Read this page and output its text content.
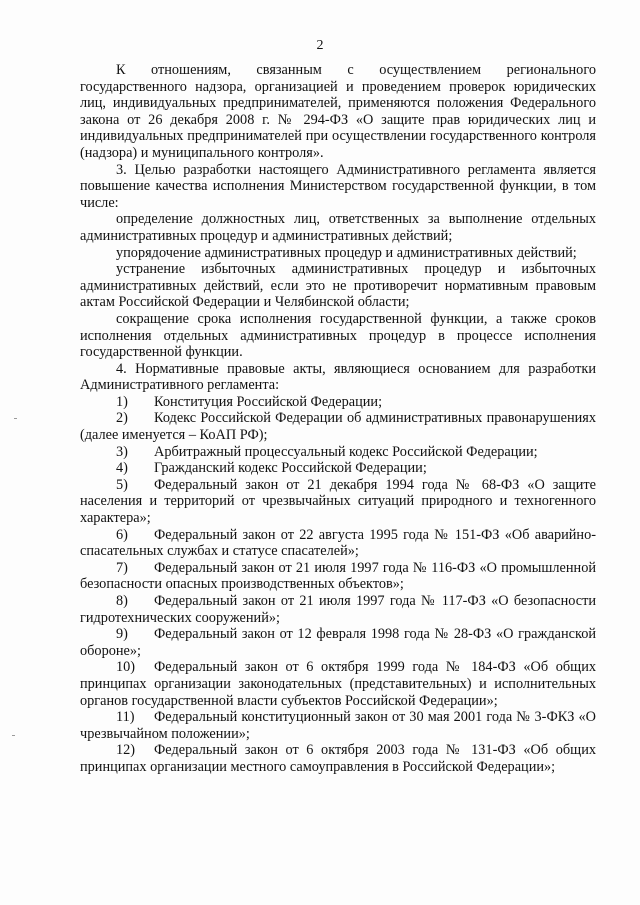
2

К отношениям, связанным с осуществлением регионального государственного надзора, организацией и проведением проверок юридических лиц, индивидуальных предпринимателей, применяются положения Федерального закона от 26 декабря 2008 г. № 294-ФЗ «О защите прав юридических лиц и индивидуальных предпринимателей при осуществлении государственного контроля (надзора) и муниципального контроля».

3. Целью разработки настоящего Административного регламента является повышение качества исполнения Министерством государственной функции, в том числе:

определение должностных лиц, ответственных за выполнение отдельных административных процедур и административных действий;

упорядочение административных процедур и административных действий;

устранение избыточных административных процедур и избыточных административных действий, если это не противоречит нормативным правовым актам Российской Федерации и Челябинской области;

сокращение срока исполнения государственной функции, а также сроков исполнения отдельных административных процедур в процессе исполнения государственной функции.

4. Нормативные правовые акты, являющиеся основанием для разработки Административного регламента:

1) Конституция Российской Федерации;

2) Кодекс Российской Федерации об административных правонарушениях (далее именуется – КоАП РФ);

3) Арбитражный процессуальный кодекс Российской Федерации;

4) Гражданский кодекс Российской Федерации;

5) Федеральный закон от 21 декабря 1994 года № 68-ФЗ «О защите населения и территорий от чрезвычайных ситуаций природного и техногенного характера»;

6) Федеральный закон от 22 августа 1995 года № 151-ФЗ «Об аварийно-спасательных службах и статусе спасателей»;

7) Федеральный закон от 21 июля 1997 года № 116-ФЗ «О промышленной безопасности опасных производственных объектов»;

8) Федеральный закон от 21 июля 1997 года № 117-ФЗ «О безопасности гидротехнических сооружений»;

9) Федеральный закон от 12 февраля 1998 года № 28-ФЗ «О гражданской обороне»;

10) Федеральный закон от 6 октября 1999 года № 184-ФЗ «Об общих принципах организации законодательных (представительных) и исполнительных органов государственной власти субъектов Российской Федерации»;

11) Федеральный конституционный закон от 30 мая 2001 года № 3-ФКЗ «О чрезвычайном положении»;

12) Федеральный закон от 6 октября 2003 года № 131-ФЗ «Об общих принципах организации местного самоуправления в Российской Федерации»;
